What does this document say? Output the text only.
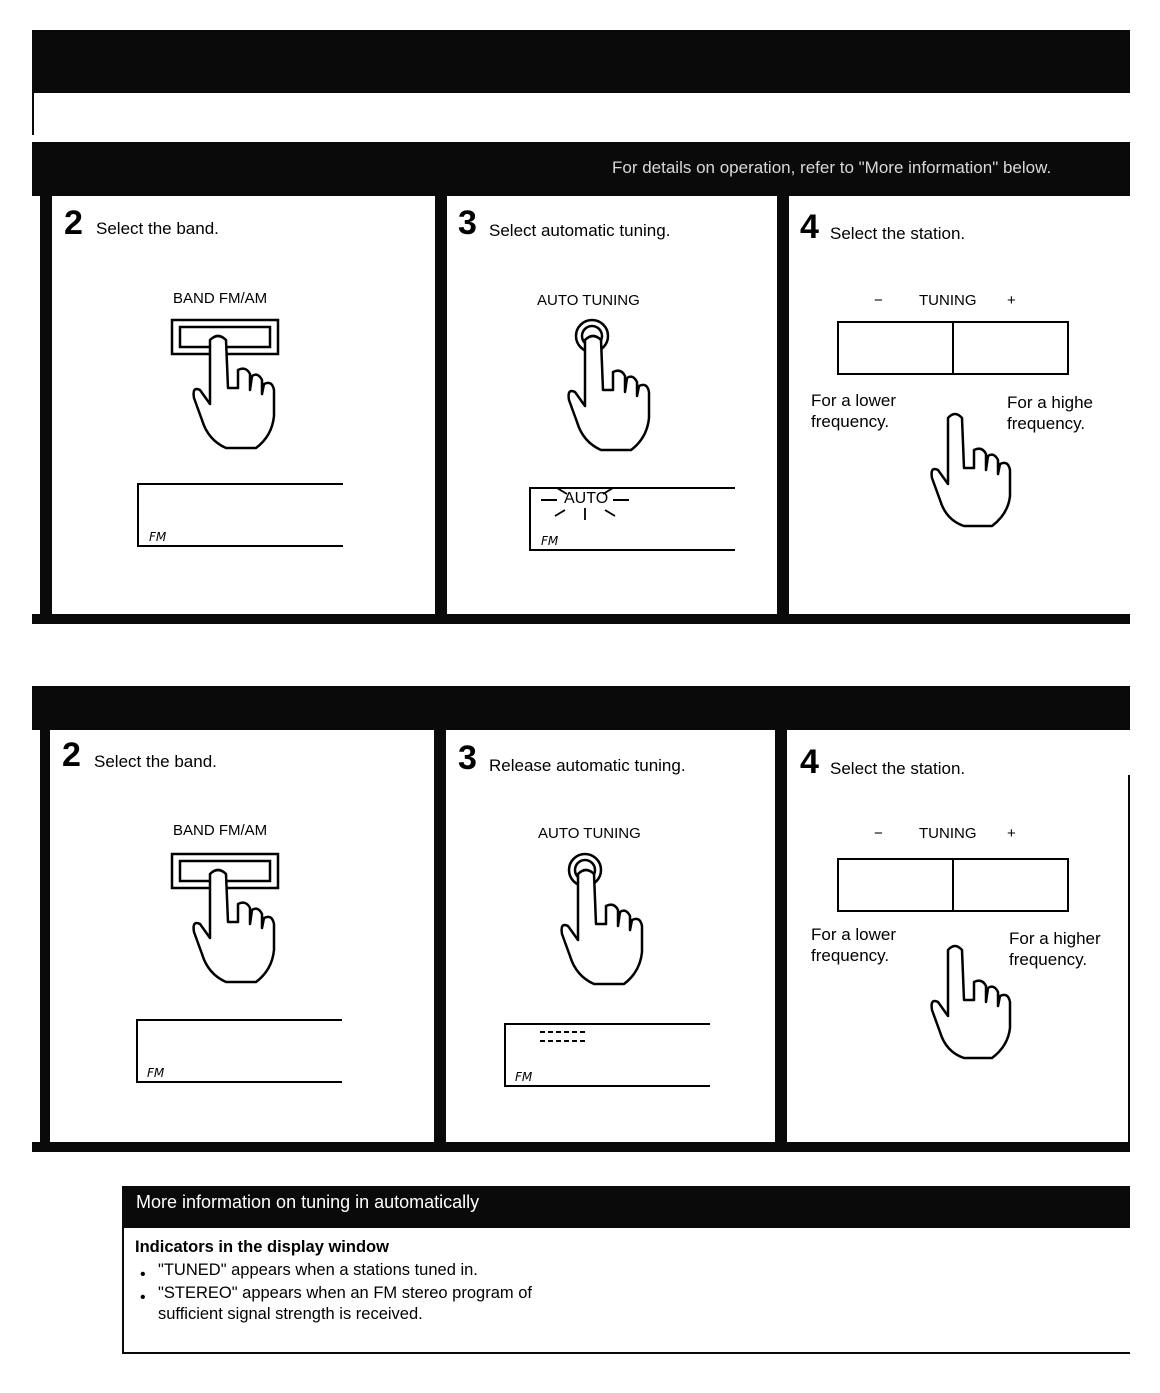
For details on operation, refer to "More information" below.
2 Select the band.
BAND FM/AM
FM
3 Select automatic tuning.
AUTO TUNING
AUTO
FM
4 Select the station.
− TUNING +
For a lower
frequency.
For a highe
frequency.
2 Select the band.
BAND FM/AM
FM
3 Release automatic tuning.
AUTO TUNING
FM
4 Select the station.
− TUNING +
For a lower
frequency.
For a higher
frequency.
More information on tuning in automatically
Indicators in the display window
• "TUNED" appears when a stations tuned in.
• "STEREO" appears when an FM stereo program of
sufficient signal strength is received.
